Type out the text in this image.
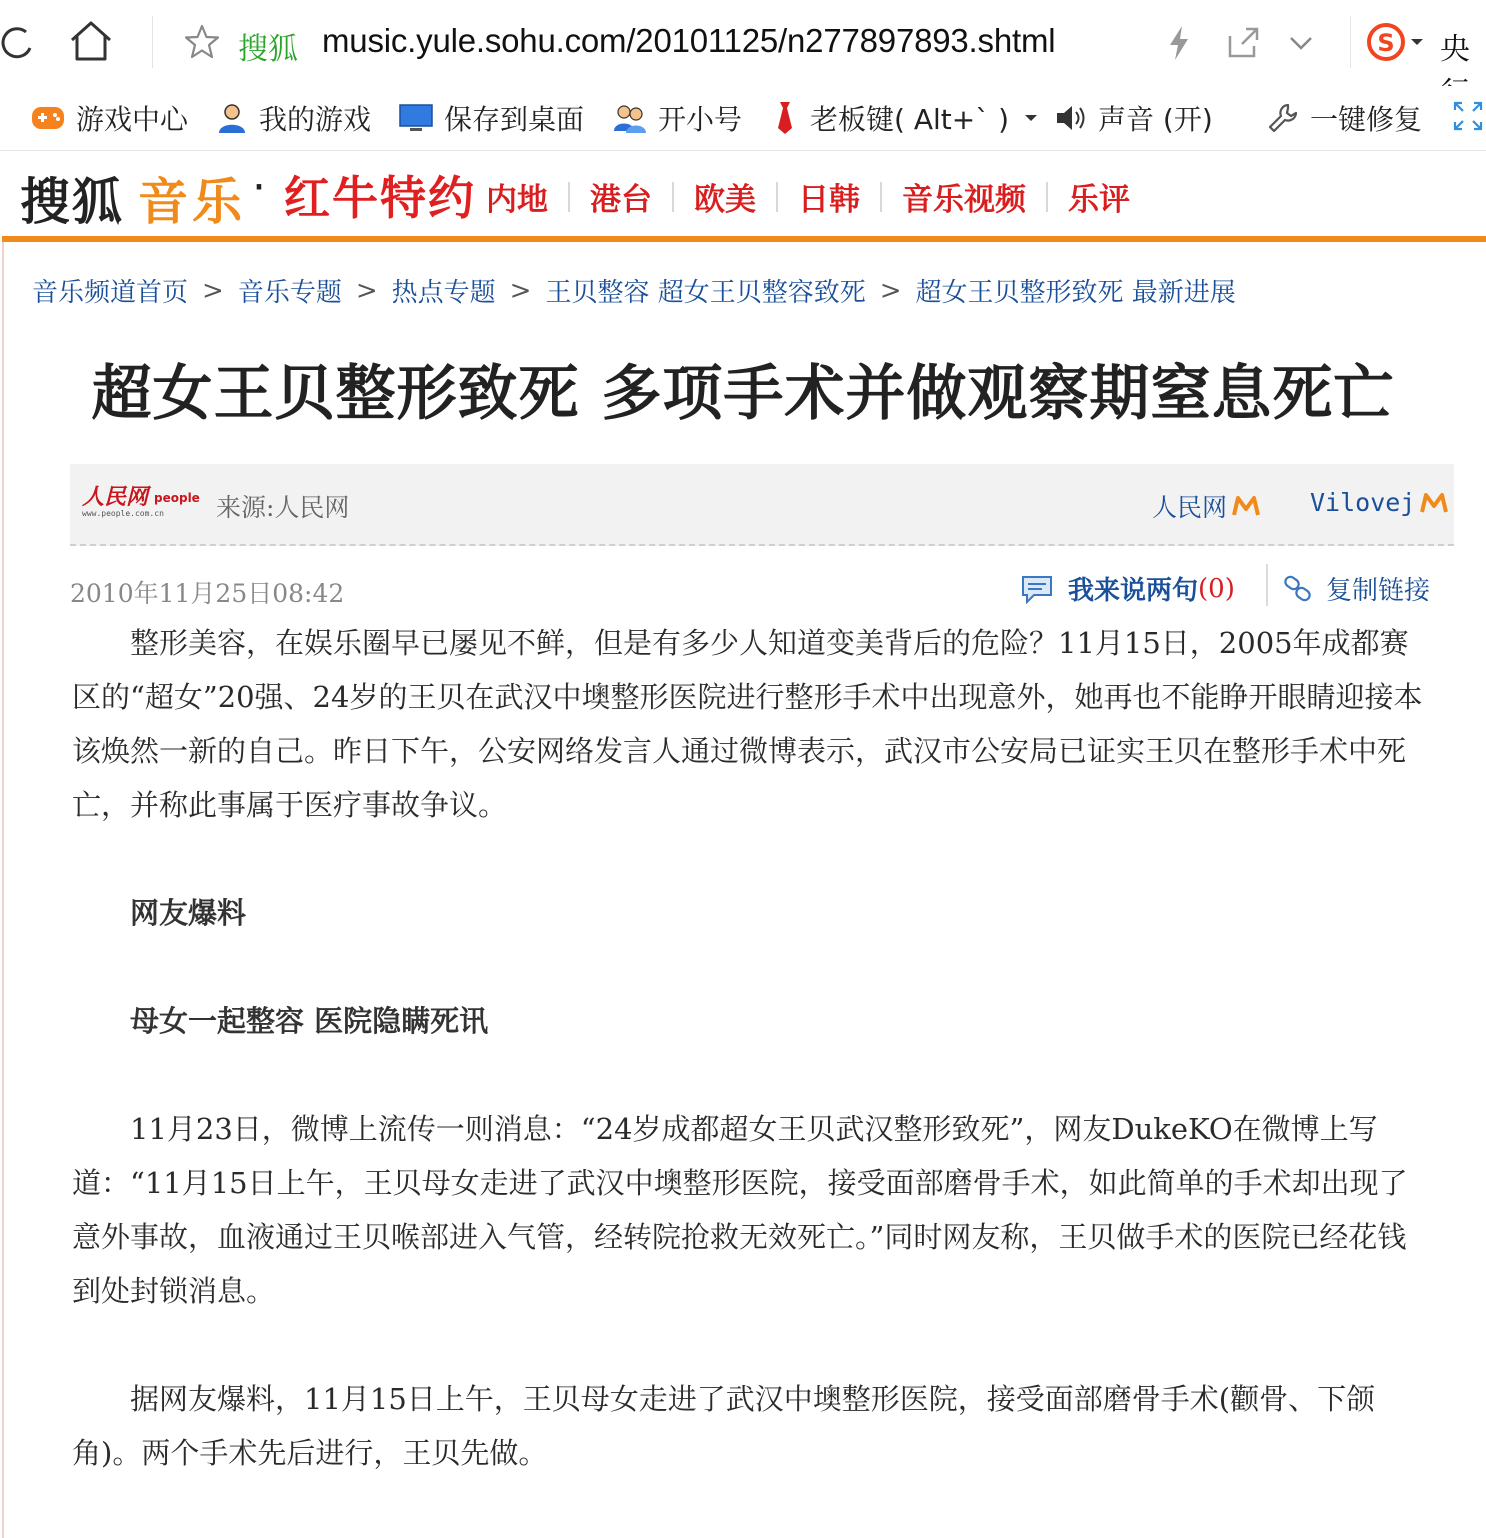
搜狐 music.yule.sohu.com/20101125/n277897893.shtml	S 央
游戏中心	我的游戏	保存到桌面	开小号 老板键( Alt+` )	声音 (开)	一键修复
搜狐 音乐 · 红牛特约 内地 港台 欧美 日韩 音乐视频 乐评
音乐频道首页 > 音乐专题 > 热点专题 > 王贝整容 超女王贝整容致死 > 超女王贝整形致死 最新进展
超女王贝整形致死 多项手术并做观察期窒息死亡
人民网 people
www.people.com.cn 来源:人民网	人民网	Vilovej
2010年11月25日08:42	我来说两句 (0)	复制链接

整形美容，在娱乐圈早已屡见不鲜，但是有多少人知道变美背后的危险？11月15日，2005年成都赛区的“超女”20强、24岁的王贝在武汉中墺整形医院进行整形手术中出现意外，她再也不能睁开眼睛迎接本该焕然一新的自己。昨日下午，公安网络发言人通过微博表示，武汉市公安局已证实王贝在整形手术中死亡，并称此事属于医疗事故争议。

网友爆料

母女一起整容 医院隐瞒死讯

11月23日，微博上流传一则消息：“24岁成都超女王贝武汉整形致死”，网友DukeKO在微博上写道：“11月15日上午，王贝母女走进了武汉中墺整形医院，接受面部磨骨手术，如此简单的手术却出现了意外事故，血液通过王贝喉部进入气管，经转院抢救无效死亡。”同时网友称，王贝做手术的医院已经花钱到处封锁消息。

据网友爆料，11月15日上午，王贝母女走进了武汉中墺整形医院，接受面部磨骨手术(颧骨、下颌角)。两个手术先后进行，王贝先做。
